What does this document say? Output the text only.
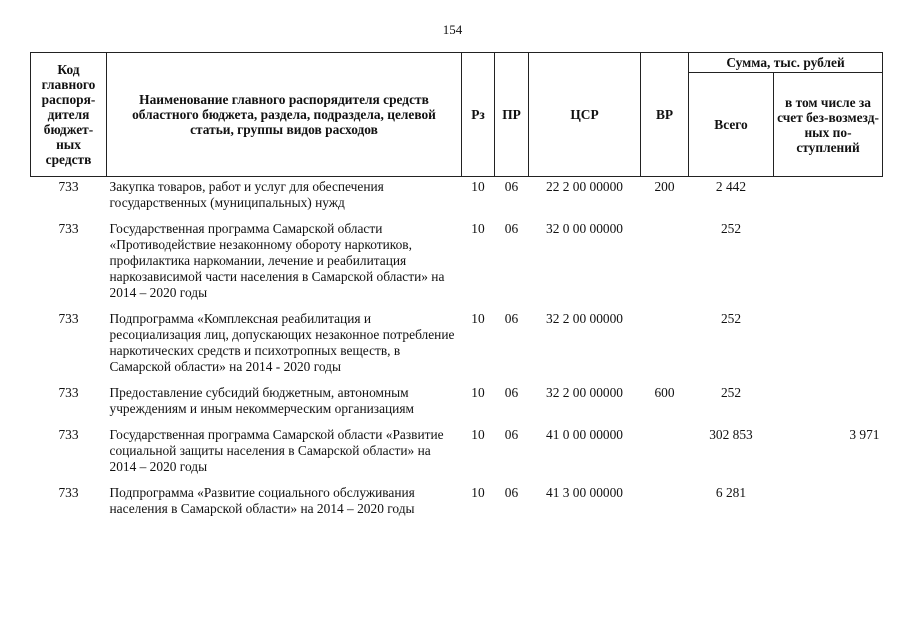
154
Код главного распоря-дителя бюджет-ных средств	Наименование главного распорядителя средств областного бюджета, раздела, подраздела, целевой статьи, группы видов расходов	Рз	ПР	ЦСР	ВР	Сумма, тыс. рублей	
						Всего	в том числе за счет без-возмезд-ных по-ступлений
733	Закупка товаров, работ и услуг для обеспечения государственных (муниципальных) нужд	10	06	22 2 00 00000	200	2 442	
733	Государственная программа Самарской области «Противодействие незаконному обороту наркотиков, профилактика наркомании, лечение и реабилитация наркозависимой части населения в Самарской области» на 2014 – 2020 годы	10	06	32 0 00 00000		252	
733	Подпрограмма «Комплексная реабилитация и ресоциализация лиц, допускающих незаконное потребление наркотических средств и психотропных веществ, в Самарской области» на 2014 - 2020 годы	10	06	32 2 00 00000		252	
733	Предоставление субсидий бюджетным, автономным учреждениям и иным некоммерческим организациям	10	06	32 2 00 00000	600	252	
733	Государственная программа Самарской области «Развитие социальной защиты населения в Самарской области» на 2014 – 2020 годы	10	06	41 0 00 00000		302 853	3 971
733	Подпрограмма «Развитие социального обслуживания населения в Самарской области» на 2014 – 2020 годы	10	06	41 3 00 00000		6 281	
